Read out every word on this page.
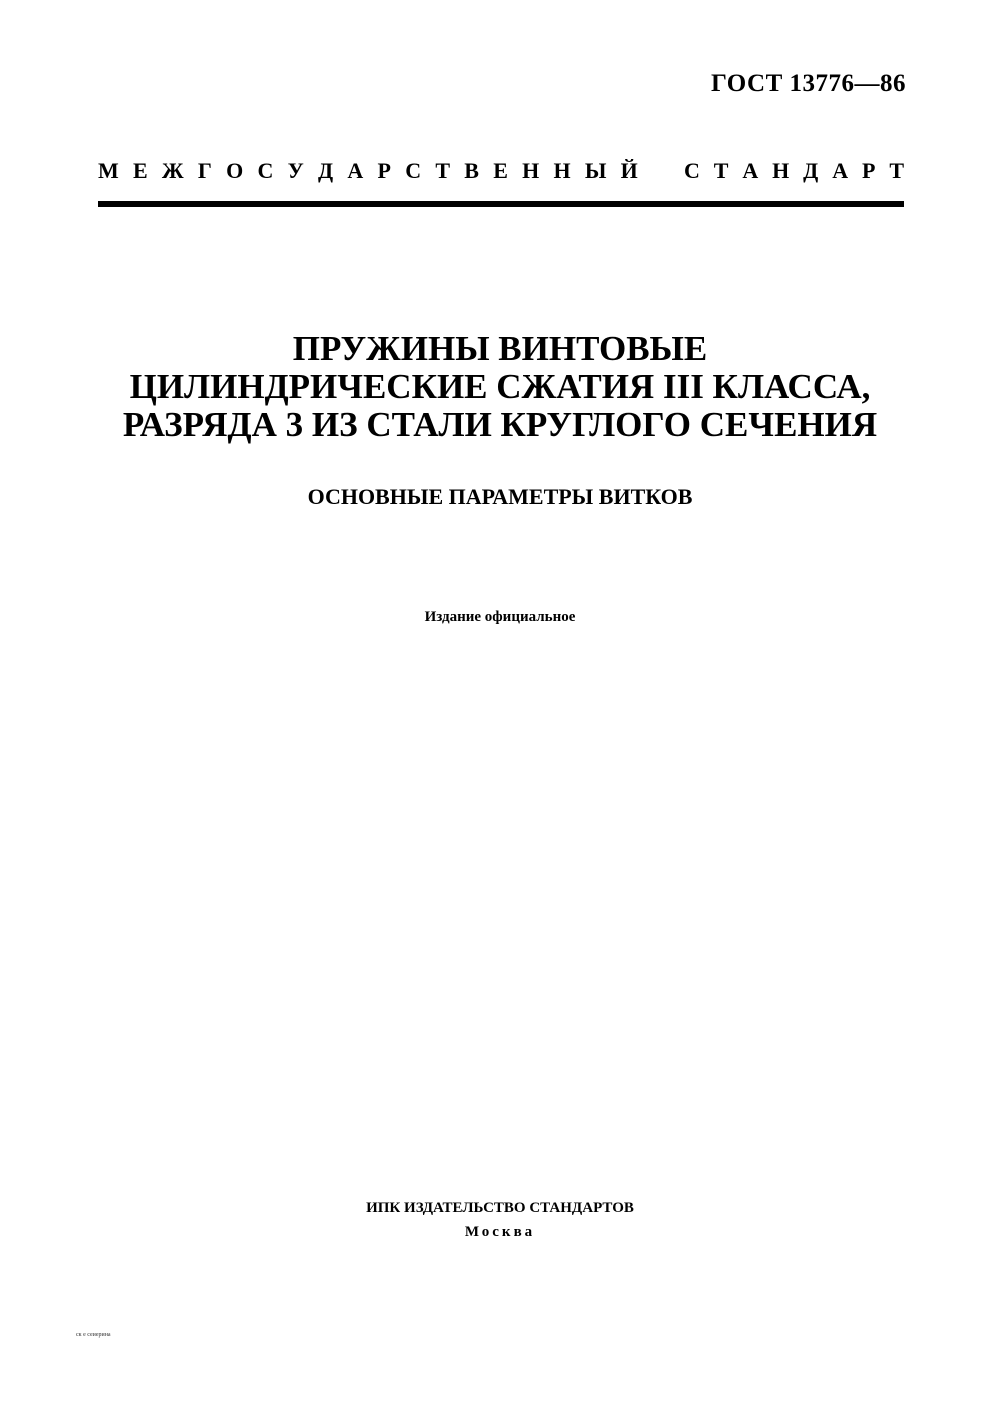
ГОСТ 13776—86
М Е Ж Г О С У Д А Р С Т В Е Н Н Ы Й С Т А Н Д А Р Т
ПРУЖИНЫ ВИНТОВЫЕ
ЦИЛИНДРИЧЕСКИЕ СЖАТИЯ III КЛАССА,
РАЗРЯДА 3 ИЗ СТАЛИ КРУГЛОГО СЕЧЕНИЯ
ОСНОВНЫЕ ПАРАМЕТРЫ ВИТКОВ
Издание официальное
ИПК ИЗДАТЕЛЬСТВО СТАНДАРТОВ
Москва
ск е сеиерина
